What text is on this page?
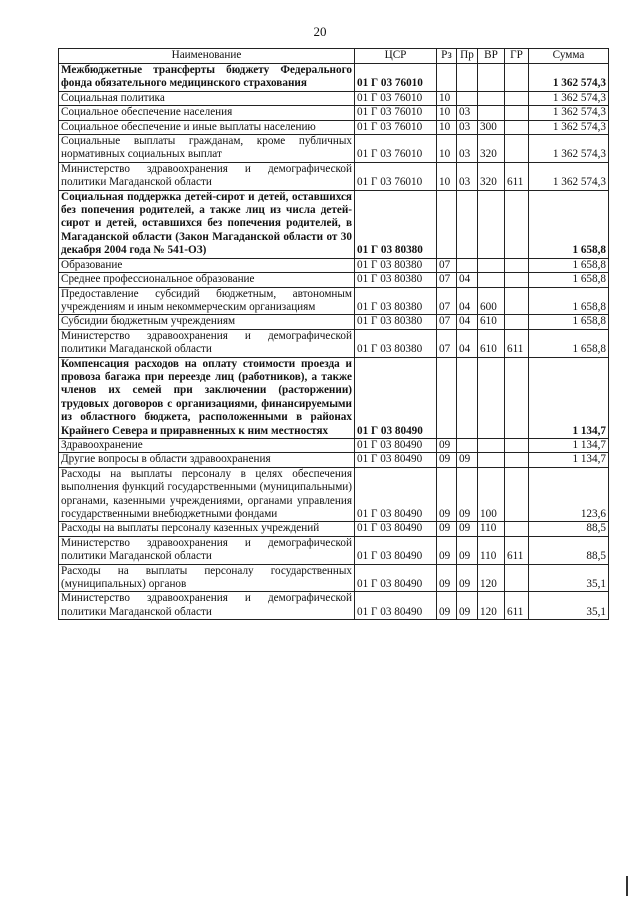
20
Наименование	ЦСР	Рз	Пр	ВР	ГР	Сумма
Межбюджетные трансферты бюджету Федерального фонда обязательного медицинского страхования	01 Г 03 76010					1 362 574,3
Социальная политика	01 Г 03 76010	10				1 362 574,3
Социальное обеспечение населения	01 Г 03 76010	10	03			1 362 574,3
Социальное обеспечение и иные выплаты населению	01 Г 03 76010	10	03	300		1 362 574,3
Социальные выплаты гражданам, кроме публичных нормативных социальных выплат	01 Г 03 76010	10	03	320		1 362 574,3
Министерство здравоохранения и демографической политики Магаданской области	01 Г 03 76010	10	03	320	611	1 362 574,3
Социальная поддержка детей-сирот и детей, оставшихся без попечения родителей, а также лиц из числа детей-сирот и детей, оставшихся без попечения родителей, в Магаданской области (Закон Магаданской области от 30 декабря 2004 года № 541-ОЗ)	01 Г 03 80380					1 658,8
Образование	01 Г 03 80380	07				1 658,8
Среднее профессиональное образование	01 Г 03 80380	07	04			1 658,8
Предоставление субсидий бюджетным, автономным учреждениям и иным некоммерческим организациям	01 Г 03 80380	07	04	600		1 658,8
Субсидии бюджетным учреждениям	01 Г 03 80380	07	04	610		1 658,8
Министерство здравоохранения и демографической политики Магаданской области	01 Г 03 80380	07	04	610	611	1 658,8
Компенсация расходов на оплату стоимости проезда и провоза багажа при переезде лиц (работников), а также членов их семей при заключении (расторжении) трудовых договоров с организациями, финансируемыми из областного бюджета, расположенными в районах Крайнего Севера и приравненных к ним местностях	01 Г 03 80490					1 134,7
Здравоохранение	01 Г 03 80490	09				1 134,7
Другие вопросы в области здравоохранения	01 Г 03 80490	09	09			1 134,7
Расходы на выплаты персоналу в целях обеспечения выполнения функций государственными (муниципальными) органами, казенными учреждениями, органами управления государственными внебюджетными фондами	01 Г 03 80490	09	09	100		123,6
Расходы на выплаты персоналу казенных учреждений	01 Г 03 80490	09	09	110		88,5
Министерство здравоохранения и демографической политики Магаданской области	01 Г 03 80490	09	09	110	611	88,5
Расходы на выплаты персоналу государственных (муниципальных) органов	01 Г 03 80490	09	09	120		35,1
Министерство здравоохранения и демографической политики Магаданской области	01 Г 03 80490	09	09	120	611	35,1
